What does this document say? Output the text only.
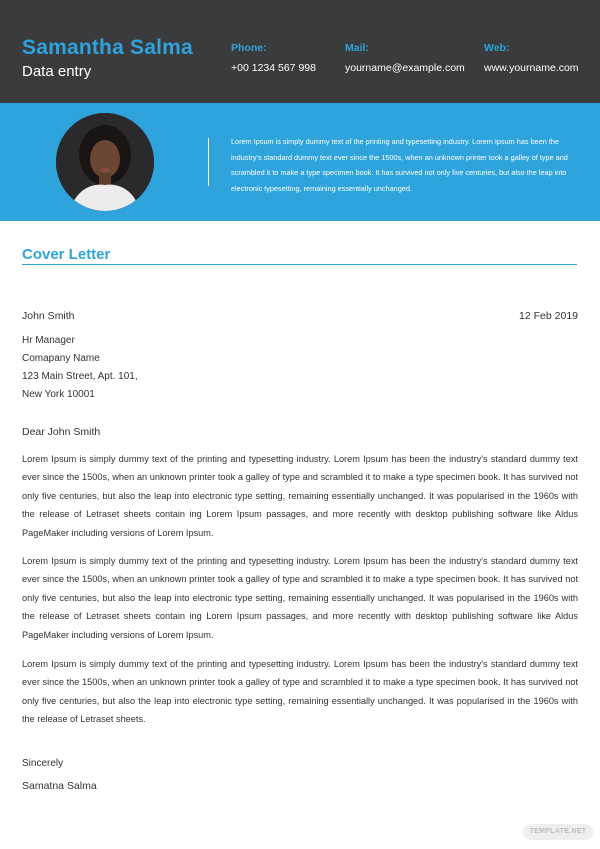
Samantha Salma
Data entry
Phone:
+00 1234 567 998
Mail:
yourname@example.com
Web:
www.yourname.com
Lorem Ipsum is simply dummy text of the printing and typesetting industry. Lorem Ipsum has been the industry's standard dummy text ever since the 1500s, when an unknown printer took a galley of type and scrambled it to make a type specimen book. It has survived not only five centuries, but also the leap into electronic typesetting, remaining essentially unchanged.
Cover Letter
John Smith	12 Feb 2019
Hr Manager
Comapany Name
123 Main Street, Apt. 101,
New York 10001
Dear John Smith
Lorem Ipsum is simply dummy text of the printing and typesetting industry. Lorem Ipsum has been the industry's standard dummy text ever since the 1500s, when an unknown printer took a galley of type and scrambled it to make a type specimen book. It has survived not only five centuries, but also the leap into electronic type setting, remaining essentially unchanged. It was popularised in the 1960s with the release of Letraset sheets contain ing Lorem Ipsum passages, and more recently with desktop publishing software like Aldus PageMaker including versions of Lorem Ipsum.
Lorem Ipsum is simply dummy text of the printing and typesetting industry. Lorem Ipsum has been the industry's standard dummy text ever since the 1500s, when an unknown printer took a galley of type and scrambled it to make a type specimen book. It has survived not only five centuries, but also the leap into electronic type setting, remaining essentially unchanged. It was popularised in the 1960s with the release of Letraset sheets contain ing Lorem Ipsum passages, and more recently with desktop publishing software like Aldus PageMaker including versions of Lorem Ipsum.
Lorem Ipsum is simply dummy text of the printing and typesetting industry. Lorem Ipsum has been the industry's standard dummy text ever since the 1500s, when an unknown printer took a galley of type and scrambled it to make a type specimen book. It has survived not only five centuries, but also the leap into electronic type setting, remaining essentially unchanged. It was popularised in the 1960s with the release of Letraset sheets.
Sincerely
Samatna Salma
TEMPLATE.NET
